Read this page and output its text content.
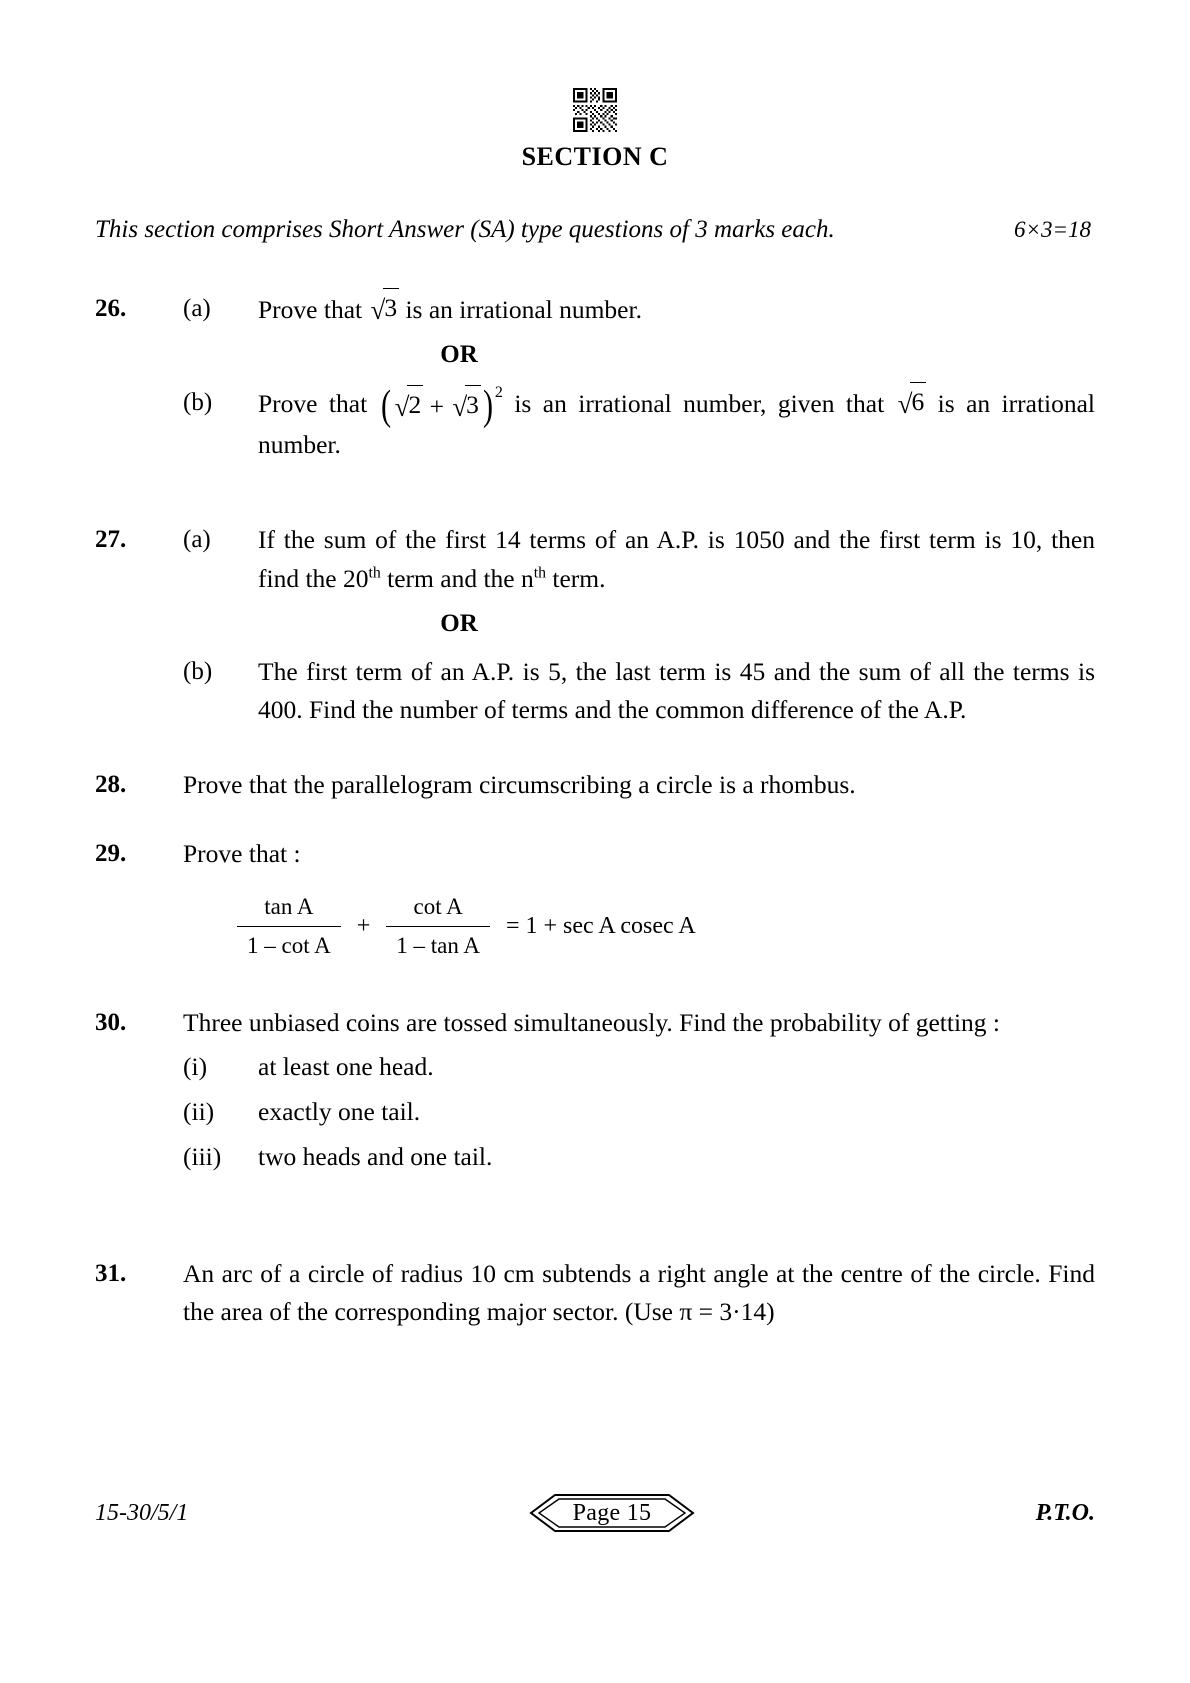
SECTION C
This section comprises Short Answer (SA) type questions of 3 marks each.	6×3=18
26.	(a)	Prove that √3 is an irrational number.
OR
(b)	Prove that ( √2 + √3) 2 is an irrational number, given that √6 is an irrational number.
27.	(a)	If the sum of the first 14 terms of an A.P. is 1050 and the first term is 10, then find the 20th term and the $n^{th}$ term.
OR
(b)	The first term of an A.P. is 5, the last term is 45 and the sum of all the terms is 400. Find the number of terms and the common difference of the A.P.
28.	Prove that the parallelogram circumscribing a circle is a rhombus.
29.	Prove that :
$\frac{\text{tan A}}{\text{1 – cot A}} + \frac{\text{cot A}}{\text{1 – tan A}} = 1 + \sec A$ cosec A
30.	Three unbiased coins are tossed simultaneously. Find the probability of getting :
(i)	at least one head.
(ii)	exactly one tail.
(iii)	two heads and one tail.
31.	An arc of a circle of radius 10 cm subtends a right angle at the centre of the circle. Find the area of the corresponding major sector. (Use π = 3·14)
15-30/5/1	Page 15	P.T.O.
